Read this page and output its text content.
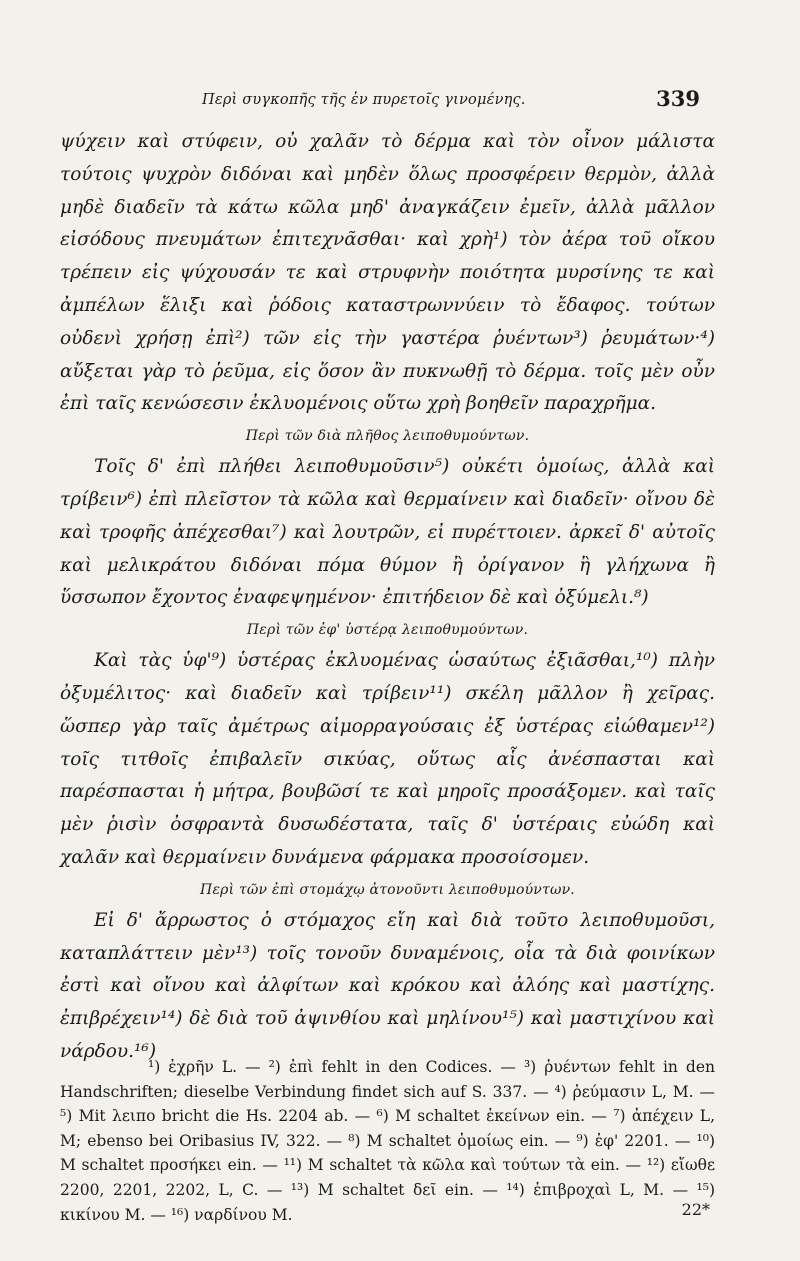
Περὶ συγκοπῆς τῆς ἐν πυρετοῖς γινομένης.	339

ψύχειν καὶ στύφειν, οὐ χαλᾶν τὸ δέρμα καὶ τὸν οἶνον μάλιστα τούτοις ψυχρὸν διδόναι καὶ μηδὲν ὅλως προσφέρειν θερμὸν, ἀλλὰ μηδὲ διαδεῖν τὰ κάτω κῶλα μηδ' ἀναγκάζειν ἐμεῖν, ἀλλὰ μᾶλλον εἰσόδους πνευμάτων ἐπιτεχνᾶσθαι· καὶ χρὴ¹) τὸν ἀέρα τοῦ οἴκου τρέπειν εἰς ψύχουσάν τε καὶ στρυφνὴν ποιότητα μυρσίνης τε καὶ ἀμπέλων ἕλιξι καὶ ῥόδοις καταστρωννύειν τὸ ἔδαφος. τούτων οὐδενὶ χρήσῃ ἐπὶ²) τῶν εἰς τὴν γαστέρα ῥυέντων³) ῥευμάτων·⁴) αὔξεται γὰρ τὸ ῥεῦμα, εἰς ὅσον ἂν πυκνωθῇ τὸ δέρμα. τοῖς μὲν οὖν ἐπὶ ταῖς κενώσεσιν ἐκλυομένοις οὕτω χρὴ βοηθεῖν παραχρῆμα.

Περὶ τῶν διὰ πλῆθος λειποθυμούντων.

Τοῖς δ' ἐπὶ πλήθει λειποθυμοῦσιν⁵) οὐκέτι ὁμοίως, ἀλλὰ καὶ τρίβειν⁶) ἐπὶ πλεῖστον τὰ κῶλα καὶ θερμαίνειν καὶ διαδεῖν· οἴνου δὲ καὶ τροφῆς ἀπέχεσθαι⁷) καὶ λουτρῶν, εἰ πυρέττοιεν. ἀρκεῖ δ' αὐτοῖς καὶ μελικράτου διδόναι πόμα θύμον ἢ ὀρίγανον ἢ γλήχωνα ἢ ὕσσωπον ἔχοντος ἐναφεψημένον· ἐπιτήδειον δὲ καὶ ὀξύμελι.⁸)

Περὶ τῶν ἐφ' ὑστέρᾳ λειποθυμούντων.

Καὶ τὰς ὑφ'⁹) ὑστέρας ἐκλυομένας ὡσαύτως ἐξιᾶσθαι,¹⁰) πλὴν ὀξυμέλιτος· καὶ διαδεῖν καὶ τρίβειν¹¹) σκέλη μᾶλλον ἢ χεῖρας. ὥσπερ γὰρ ταῖς ἀμέτρως αἱμορραγούσαις ἐξ ὑστέρας εἰώθαμεν¹²) τοῖς τιτθοῖς ἐπιβαλεῖν σικύας, οὕτως αἷς ἀνέσπασται καὶ παρέσπασται ἡ μήτρα, βουβῶσί τε καὶ μηροῖς προσάξομεν. καὶ ταῖς μὲν ῥισὶν ὀσφραντὰ δυσωδέστατα, ταῖς δ' ὑστέραις εὐώδη καὶ χαλᾶν καὶ θερμαίνειν δυνάμενα φάρμακα προσοίσομεν.

Περὶ τῶν ἐπὶ στομάχῳ ἀτονοῦντι λειποθυμούντων.

Εἰ δ' ἄρρωστος ὁ στόμαχος εἴη καὶ διὰ τοῦτο λειποθυμοῦσι, καταπλάττειν μὲν¹³) τοῖς τονοῦν δυναμένοις, οἷα τὰ διὰ φοινίκων ἐστὶ καὶ οἴνου καὶ ἀλφίτων καὶ κρόκου καὶ ἀλόης καὶ μαστίχης. ἐπιβρέχειν¹⁴) δὲ διὰ τοῦ ἀψινθίου καὶ μηλίνου¹⁵) καὶ μαστιχίνου καὶ νάρδου.¹⁶)

¹) ἐχρῆν L. — ²) ἐπὶ fehlt in den Codices. — ³) ῥυέντων fehlt in den Handschriften; dieselbe Verbindung findet sich auf S. 337. — ⁴) ῥεύμασιν L, M. — ⁵) Mit λειπο bricht die Hs. 2204 ab. — ⁶) M schaltet ἐκείνων ein. — ⁷) ἀπέχειν L, M; ebenso bei Oribasius IV, 322. — ⁸) M schaltet ὁμοίως ein. — ⁹) ἐφ' 2201. — ¹⁰) M schaltet προσήκει ein. — ¹¹) M schaltet τὰ κῶλα καὶ τούτων τὰ ein. — ¹²) εἴωθε 2200, 2201, 2202, L, C. — ¹³) M schaltet δεῖ ein. — ¹⁴) ἐπιβροχαὶ L, M. — ¹⁵) κικίνου M. — ¹⁶) ναρδίνου M.	22*
